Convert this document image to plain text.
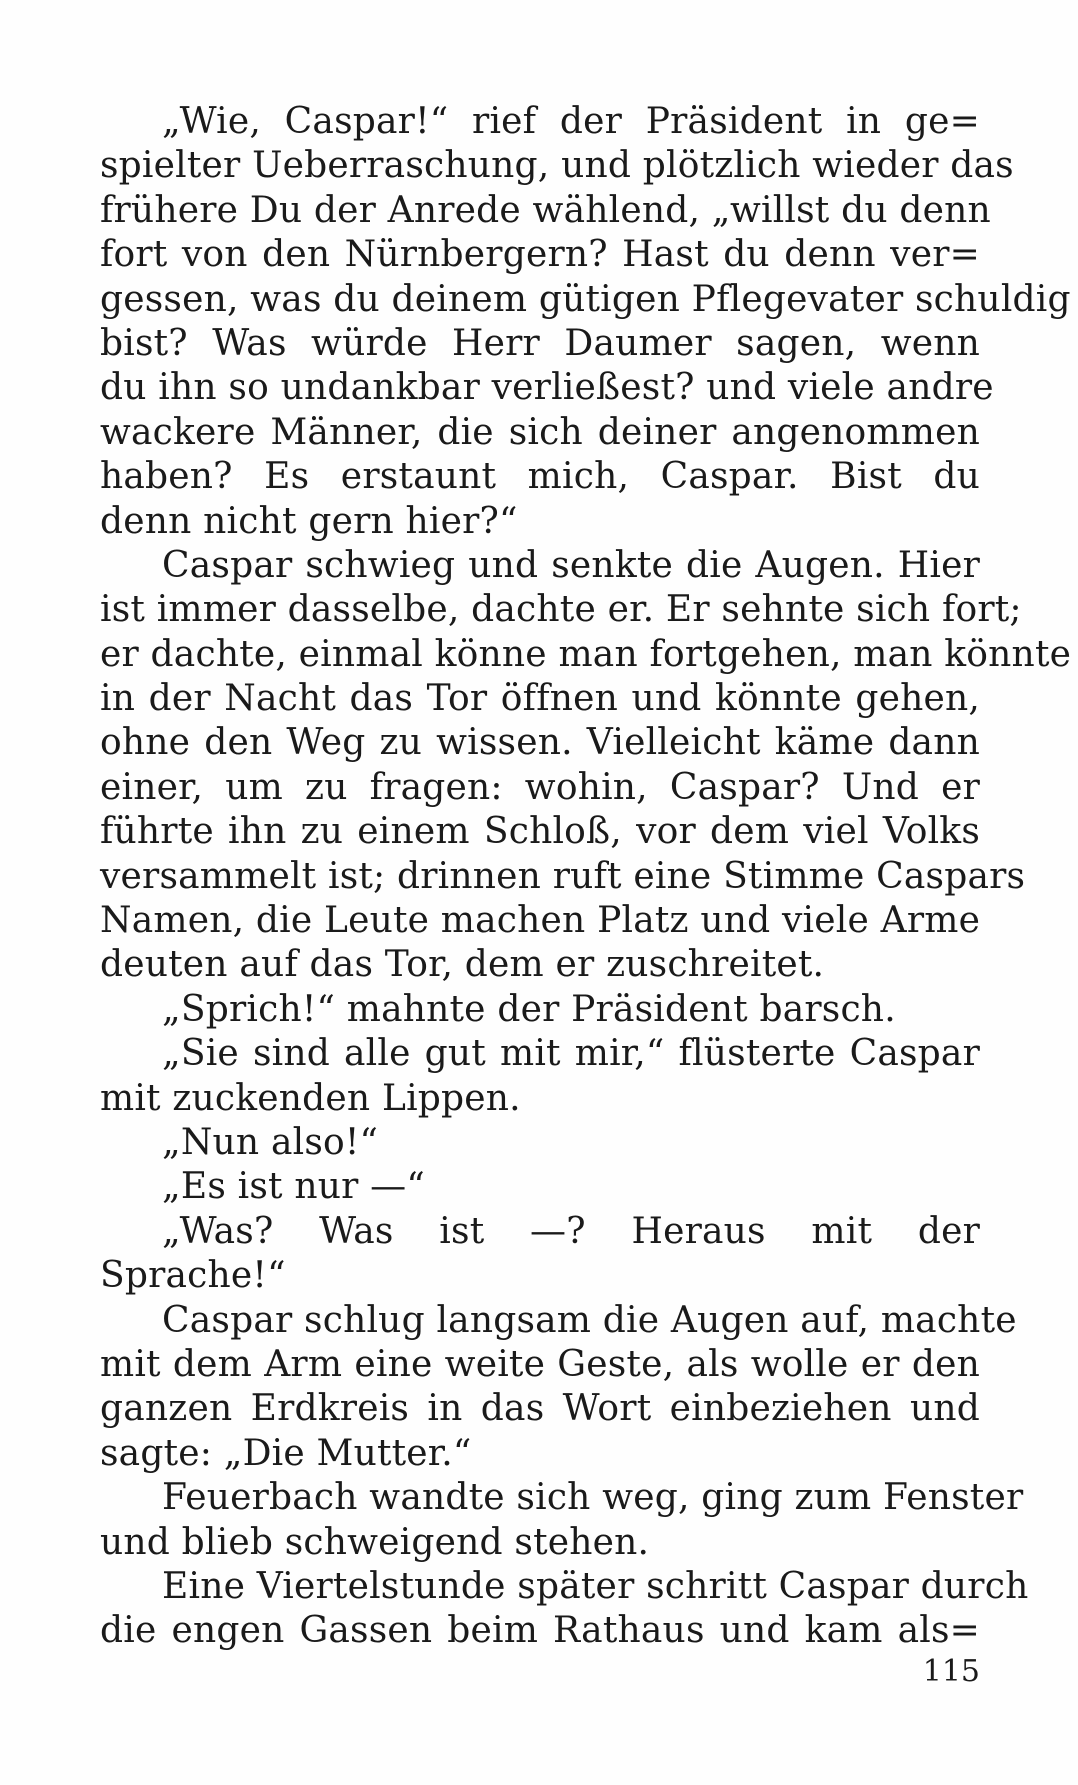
„Wie, Caspar!“ rief der Präsident in ge=
spielter Ueberraschung, und plötzlich wieder das
frühere Du der Anrede wählend, „willst du denn
fort von den Nürnbergern? Hast du denn ver=
gessen, was du deinem gütigen Pflegevater schuldig
bist? Was würde Herr Daumer sagen, wenn
du ihn so undankbar verließest? und viele andre
wackere Männer, die sich deiner angenommen
haben? Es erstaunt mich, Caspar. Bist du
denn nicht gern hier?“
Caspar schwieg und senkte die Augen. Hier
ist immer dasselbe, dachte er. Er sehnte sich fort;
er dachte, einmal könne man fortgehen, man könnte
in der Nacht das Tor öffnen und könnte gehen,
ohne den Weg zu wissen. Vielleicht käme dann
einer, um zu fragen: wohin, Caspar? Und er
führte ihn zu einem Schloß, vor dem viel Volks
versammelt ist; drinnen ruft eine Stimme Caspars
Namen, die Leute machen Platz und viele Arme
deuten auf das Tor, dem er zuschreitet.
„Sprich!“ mahnte der Präsident barsch.
„Sie sind alle gut mit mir,“ flüsterte Caspar
mit zuckenden Lippen.
„Nun also!“
„Es ist nur —“
„Was? Was ist —? Heraus mit der
Sprache!“
Caspar schlug langsam die Augen auf, machte
mit dem Arm eine weite Geste, als wolle er den
ganzen Erdkreis in das Wort einbeziehen und
sagte: „Die Mutter.“
Feuerbach wandte sich weg, ging zum Fenster
und blieb schweigend stehen.
Eine Viertelstunde später schritt Caspar durch
die engen Gassen beim Rathaus und kam als=
115
